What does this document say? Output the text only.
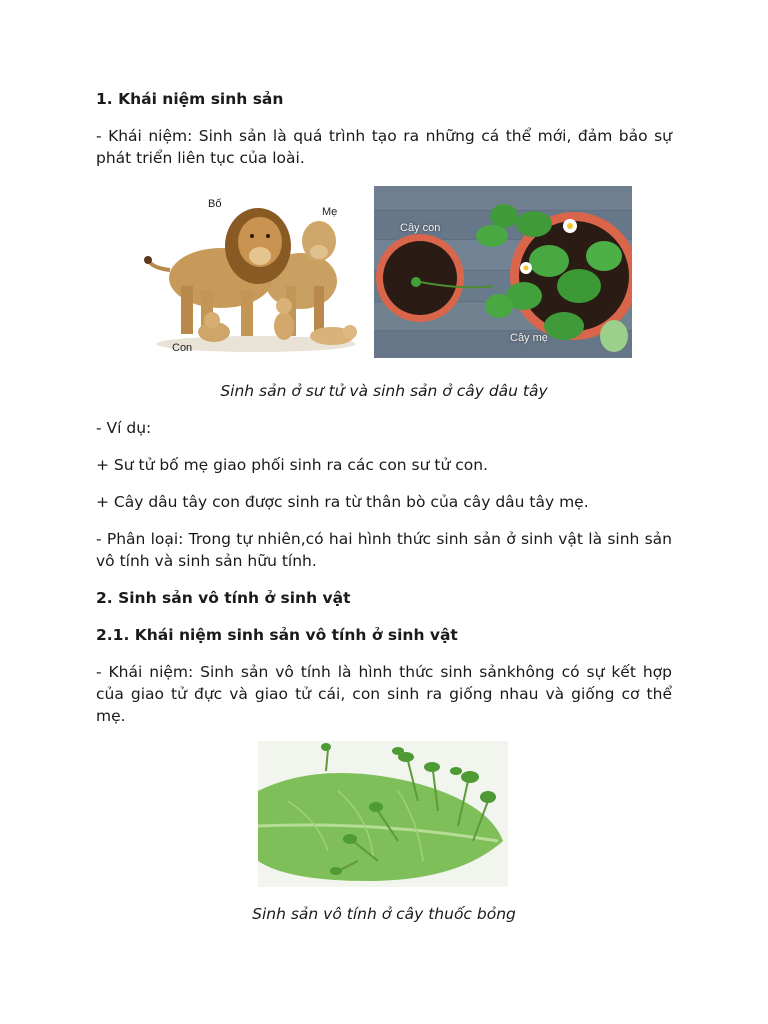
1. Khái niệm sinh sản

- Khái niệm: Sinh sản là quá trình tạo ra những cá thể mới, đảm bảo sự phát triển liên tục của loài.

Bố
Mẹ
Con
Cây con
Cây mẹ

Sinh sản ở sư tử và sinh sản ở cây dâu tây

- Ví dụ:

+ Sư tử bố mẹ giao phối sinh ra các con sư tử con.

+ Cây dâu tây con được sinh ra từ thân bò của cây dâu tây mẹ.

- Phân loại: Trong tự nhiên,có hai hình thức sinh sản ở sinh vật là sinh sản vô tính và sinh sản hữu tính.

2. Sinh sản vô tính ở sinh vật

2.1. Khái niệm sinh sản vô tính ở sinh vật

- Khái niệm: Sinh sản vô tính là hình thức sinh sảnkhông có sự kết hợp của giao tử đực và giao tử cái, con sinh ra giống nhau và giống cơ thể mẹ.

Sinh sản vô tính ở cây thuốc bỏng
